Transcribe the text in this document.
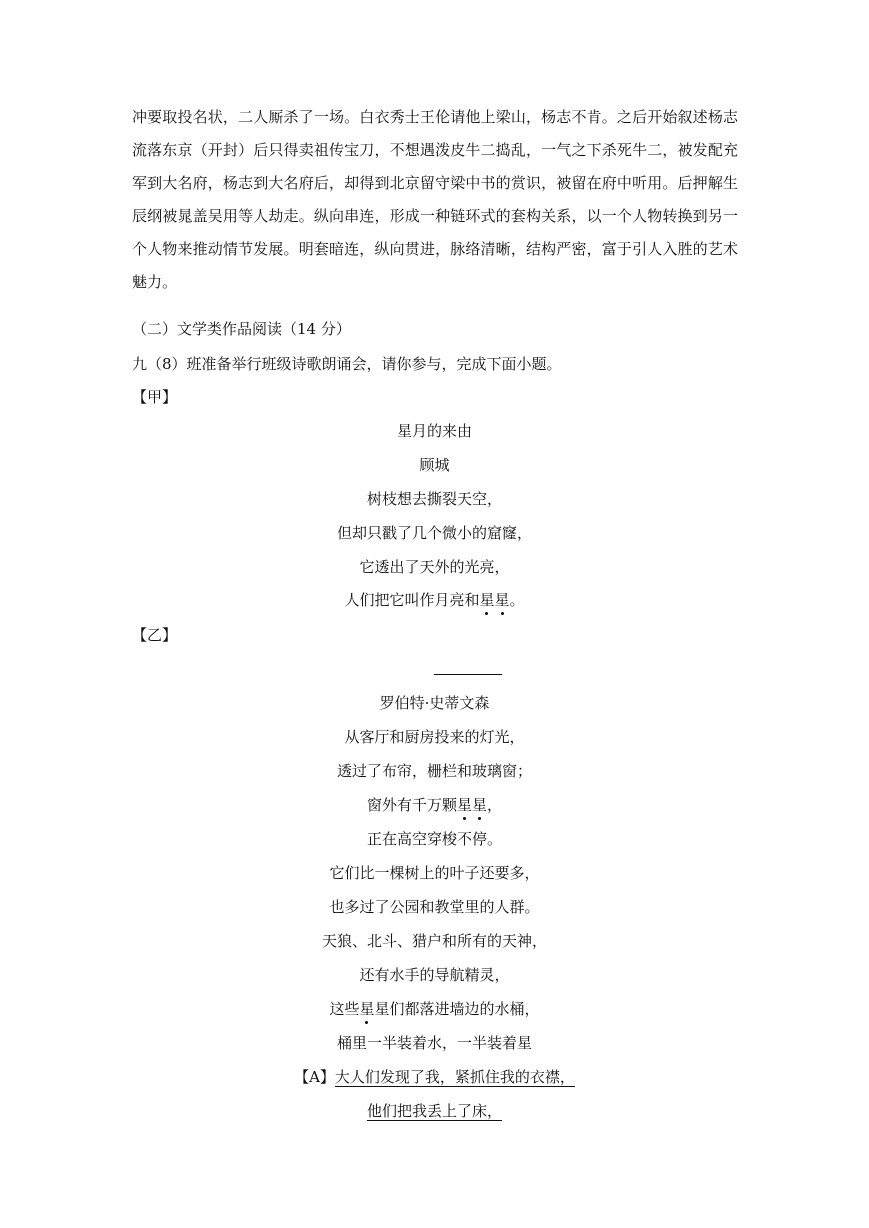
冲要取投名状，二人厮杀了一场。白衣秀士王伦请他上梁山，杨志不肯。之后开始叙述杨志流落东京（开封）后只得卖祖传宝刀，不想遇泼皮牛二捣乱，一气之下杀死牛二，被发配充军到大名府，杨志到大名府后，却得到北京留守梁中书的赏识，被留在府中听用。后押解生辰纲被晁盖吴用等人劫走。纵向串连，形成一种链环式的套构关系，以一个人物转换到另一个人物来推动情节发展。明套暗连，纵向贯进，脉络清晰，结构严密，富于引人入胜的艺术魅力。

（二）文学类作品阅读（14 分）

九（8）班准备举行班级诗歌朗诵会，请你参与，完成下面小题。

【甲】

星月的来由

顾城

树枝想去撕裂天空，

但却只戳了几个微小的窟窿，

它透出了天外的光亮，

人们把它叫作月亮和星星。

【乙】

罗伯特·史蒂文森

从客厅和厨房投来的灯光，

透过了布帘，栅栏和玻璃窗；

窗外有千万颗星星，

正在高空穿梭不停。

它们比一棵树上的叶子还要多，

也多过了公园和教堂里的人群。

天狼、北斗、猎户和所有的天神，

还有水手的导航精灵，

这些星星们都落进墙边的水桶，

桶里一半装着水，一半装着星

【A】大人们发现了我，紧抓住我的衣襟，

他们把我丢上了床，
